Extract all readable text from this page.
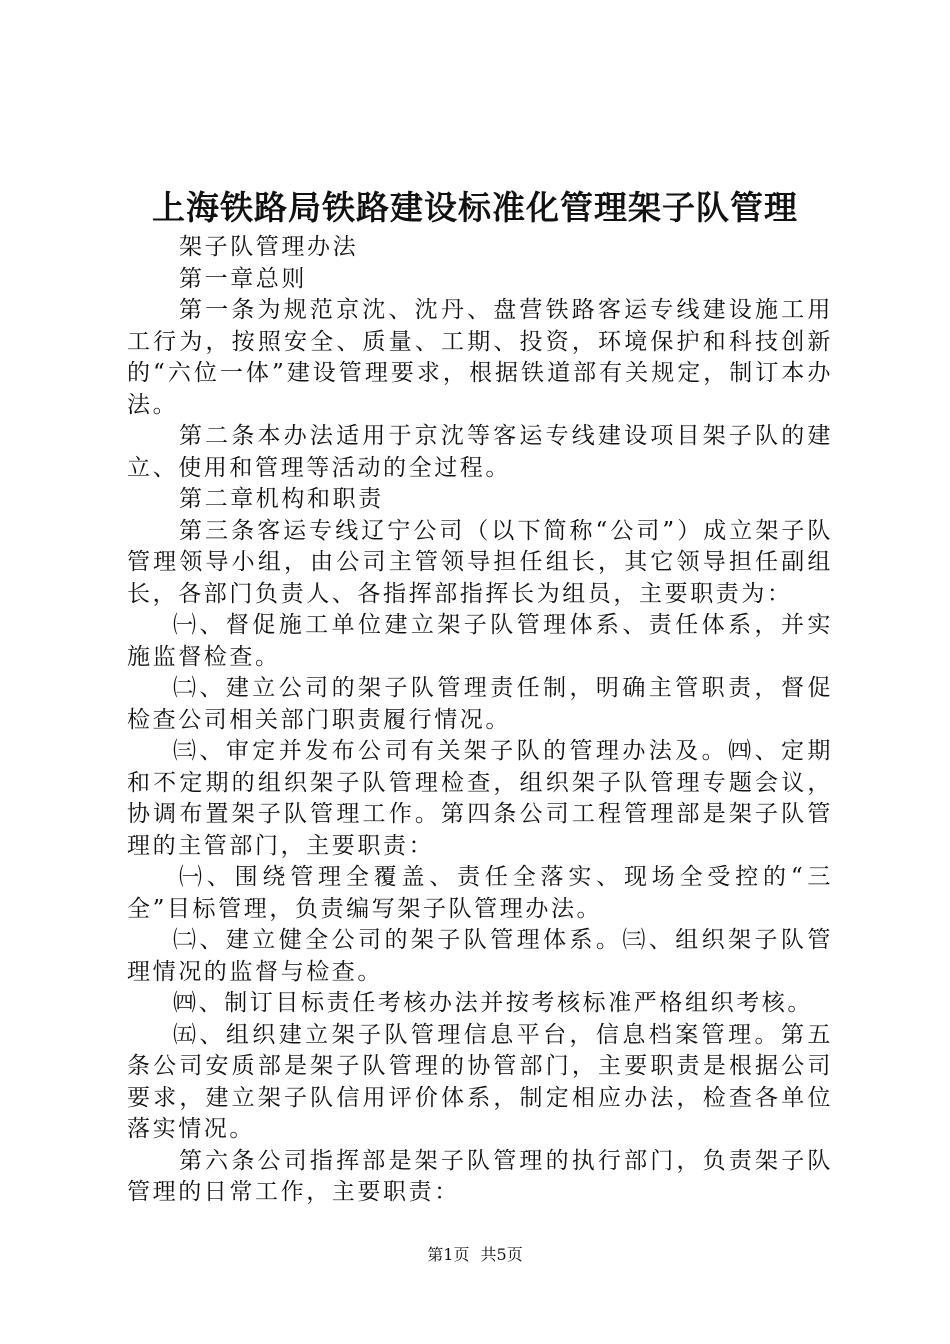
上海铁路局铁路建设标准化管理架子队管理

架子队管理办法

第一章总则

第一条为规范京沈、沈丹、盘营铁路客运专线建设施工用工行为，按照安全、质量、工期、投资，环境保护和科技创新的“六位一体”建设管理要求，根据铁道部有关规定，制订本办法。

第二条本办法适用于京沈等客运专线建设项目架子队的建立、使用和管理等活动的全过程。

第二章机构和职责

第三条客运专线辽宁公司（以下简称“公司”）成立架子队管理领导小组，由公司主管领导担任组长，其它领导担任副组长，各部门负责人、各指挥部指挥长为组员，主要职责为：

㈠、督促施工单位建立架子队管理体系、责任体系，并实施监督检查。

㈡、建立公司的架子队管理责任制，明确主管职责，督促检查公司相关部门职责履行情况。

㈢、审定并发布公司有关架子队的管理办法及。㈣、定期和不定期的组织架子队管理检查，组织架子队管理专题会议，协调布置架子队管理工作。第四条公司工程管理部是架子队管理的主管部门，主要职责：

㈠、围绕管理全覆盖、责任全落实、现场全受控的“三全”目标管理，负责编写架子队管理办法。

㈡、建立健全公司的架子队管理体系。㈢、组织架子队管理情况的监督与检查。

㈣、制订目标责任考核办法并按考核标准严格组织考核。

㈤、组织建立架子队管理信息平台，信息档案管理。第五条公司安质部是架子队管理的协管部门，主要职责是根据公司要求，建立架子队信用评价体系，制定相应办法，检查各单位落实情况。

第六条公司指挥部是架子队管理的执行部门，负责架子队管理的日常工作，主要职责：

第1页 共5页
